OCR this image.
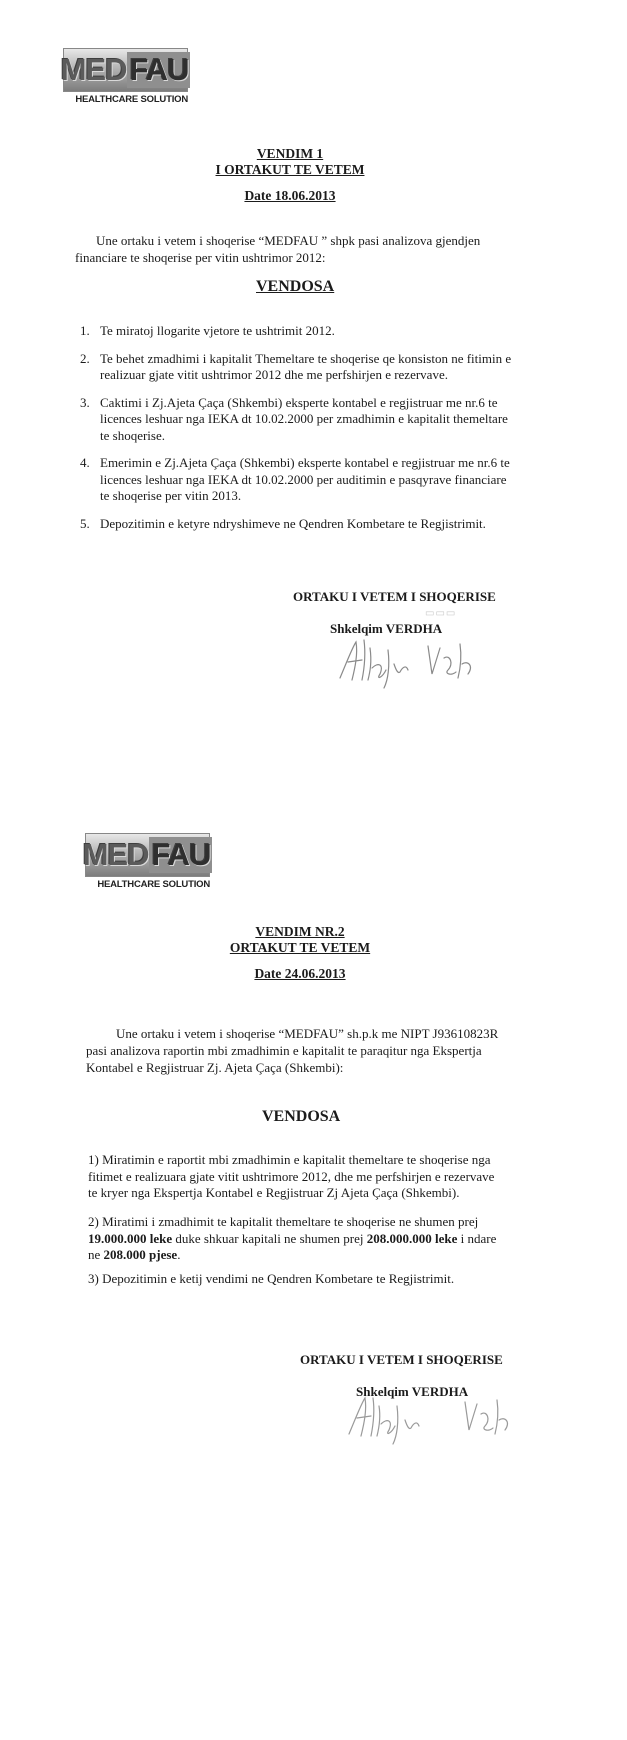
MED FAU
HEALTHCARE SOLUTION
VENDIM 1
I ORTAKUT TE VETEM
Date 18.06.2013
Une ortaku i vetem i shoqerise “MEDFAU ” shpk pasi analizova gjendjen
financiare te shoqerise per vitin ushtrimor 2012:
VENDOSA
1. Te miratoj llogarite vjetore te ushtrimit 2012.
2. Te behet zmadhimi i kapitalit Themeltare te shoqerise qe konsiston ne fitimin e
realizuar gjate vitit ushtrimor 2012 dhe me perfshirjen e rezervave.
3. Caktimi i Zj.Ajeta Çaça (Shkembi) eksperte kontabel e regjistruar me nr.6 te
licences leshuar nga IEKA dt 10.02.2000 per zmadhimin e kapitalit themeltare
te shoqerise.
4. Emerimin e Zj.Ajeta Çaça (Shkembi) eksperte kontabel e regjistruar me nr.6 te
licences leshuar nga IEKA dt 10.02.2000 per auditimin e pasqyrave financiare
te shoqerise per vitin 2013.
5. Depozitimin e ketyre ndryshimeve ne Qendren Kombetare te Regjistrimit.
ORTAKU I VETEM I SHOQERISE
Shkelqim VERDHA
▭▭▭
MED FAU
HEALTHCARE SOLUTION
VENDIM NR.2
ORTAKUT TE VETEM
Date 24.06.2013
Une ortaku i vetem i shoqerise “MEDFAU” sh.p.k me NIPT J93610823R
pasi analizova raportin mbi zmadhimin e kapitalit te paraqitur nga Ekspertja
Kontabel e Regjistruar Zj. Ajeta Çaça (Shkembi):
VENDOSA
1) Miratimin e raportit mbi zmadhimin e kapitalit themeltare te shoqerise nga
fitimet e realizuara gjate vitit ushtrimore 2012, dhe me perfshirjen e rezervave
te kryer nga Ekspertja Kontabel e Regjistruar Zj Ajeta Çaça (Shkembi).
2) Miratimi i zmadhimit te kapitalit themeltare te shoqerise ne shumen prej
19.000.000 leke duke shkuar kapitali ne shumen prej 208.000.000 leke i ndare
ne 208.000 pjese.
3) Depozitimin e ketij vendimi ne Qendren Kombetare te Regjistrimit.
ORTAKU I VETEM I SHOQERISE
Shkelqim VERDHA
